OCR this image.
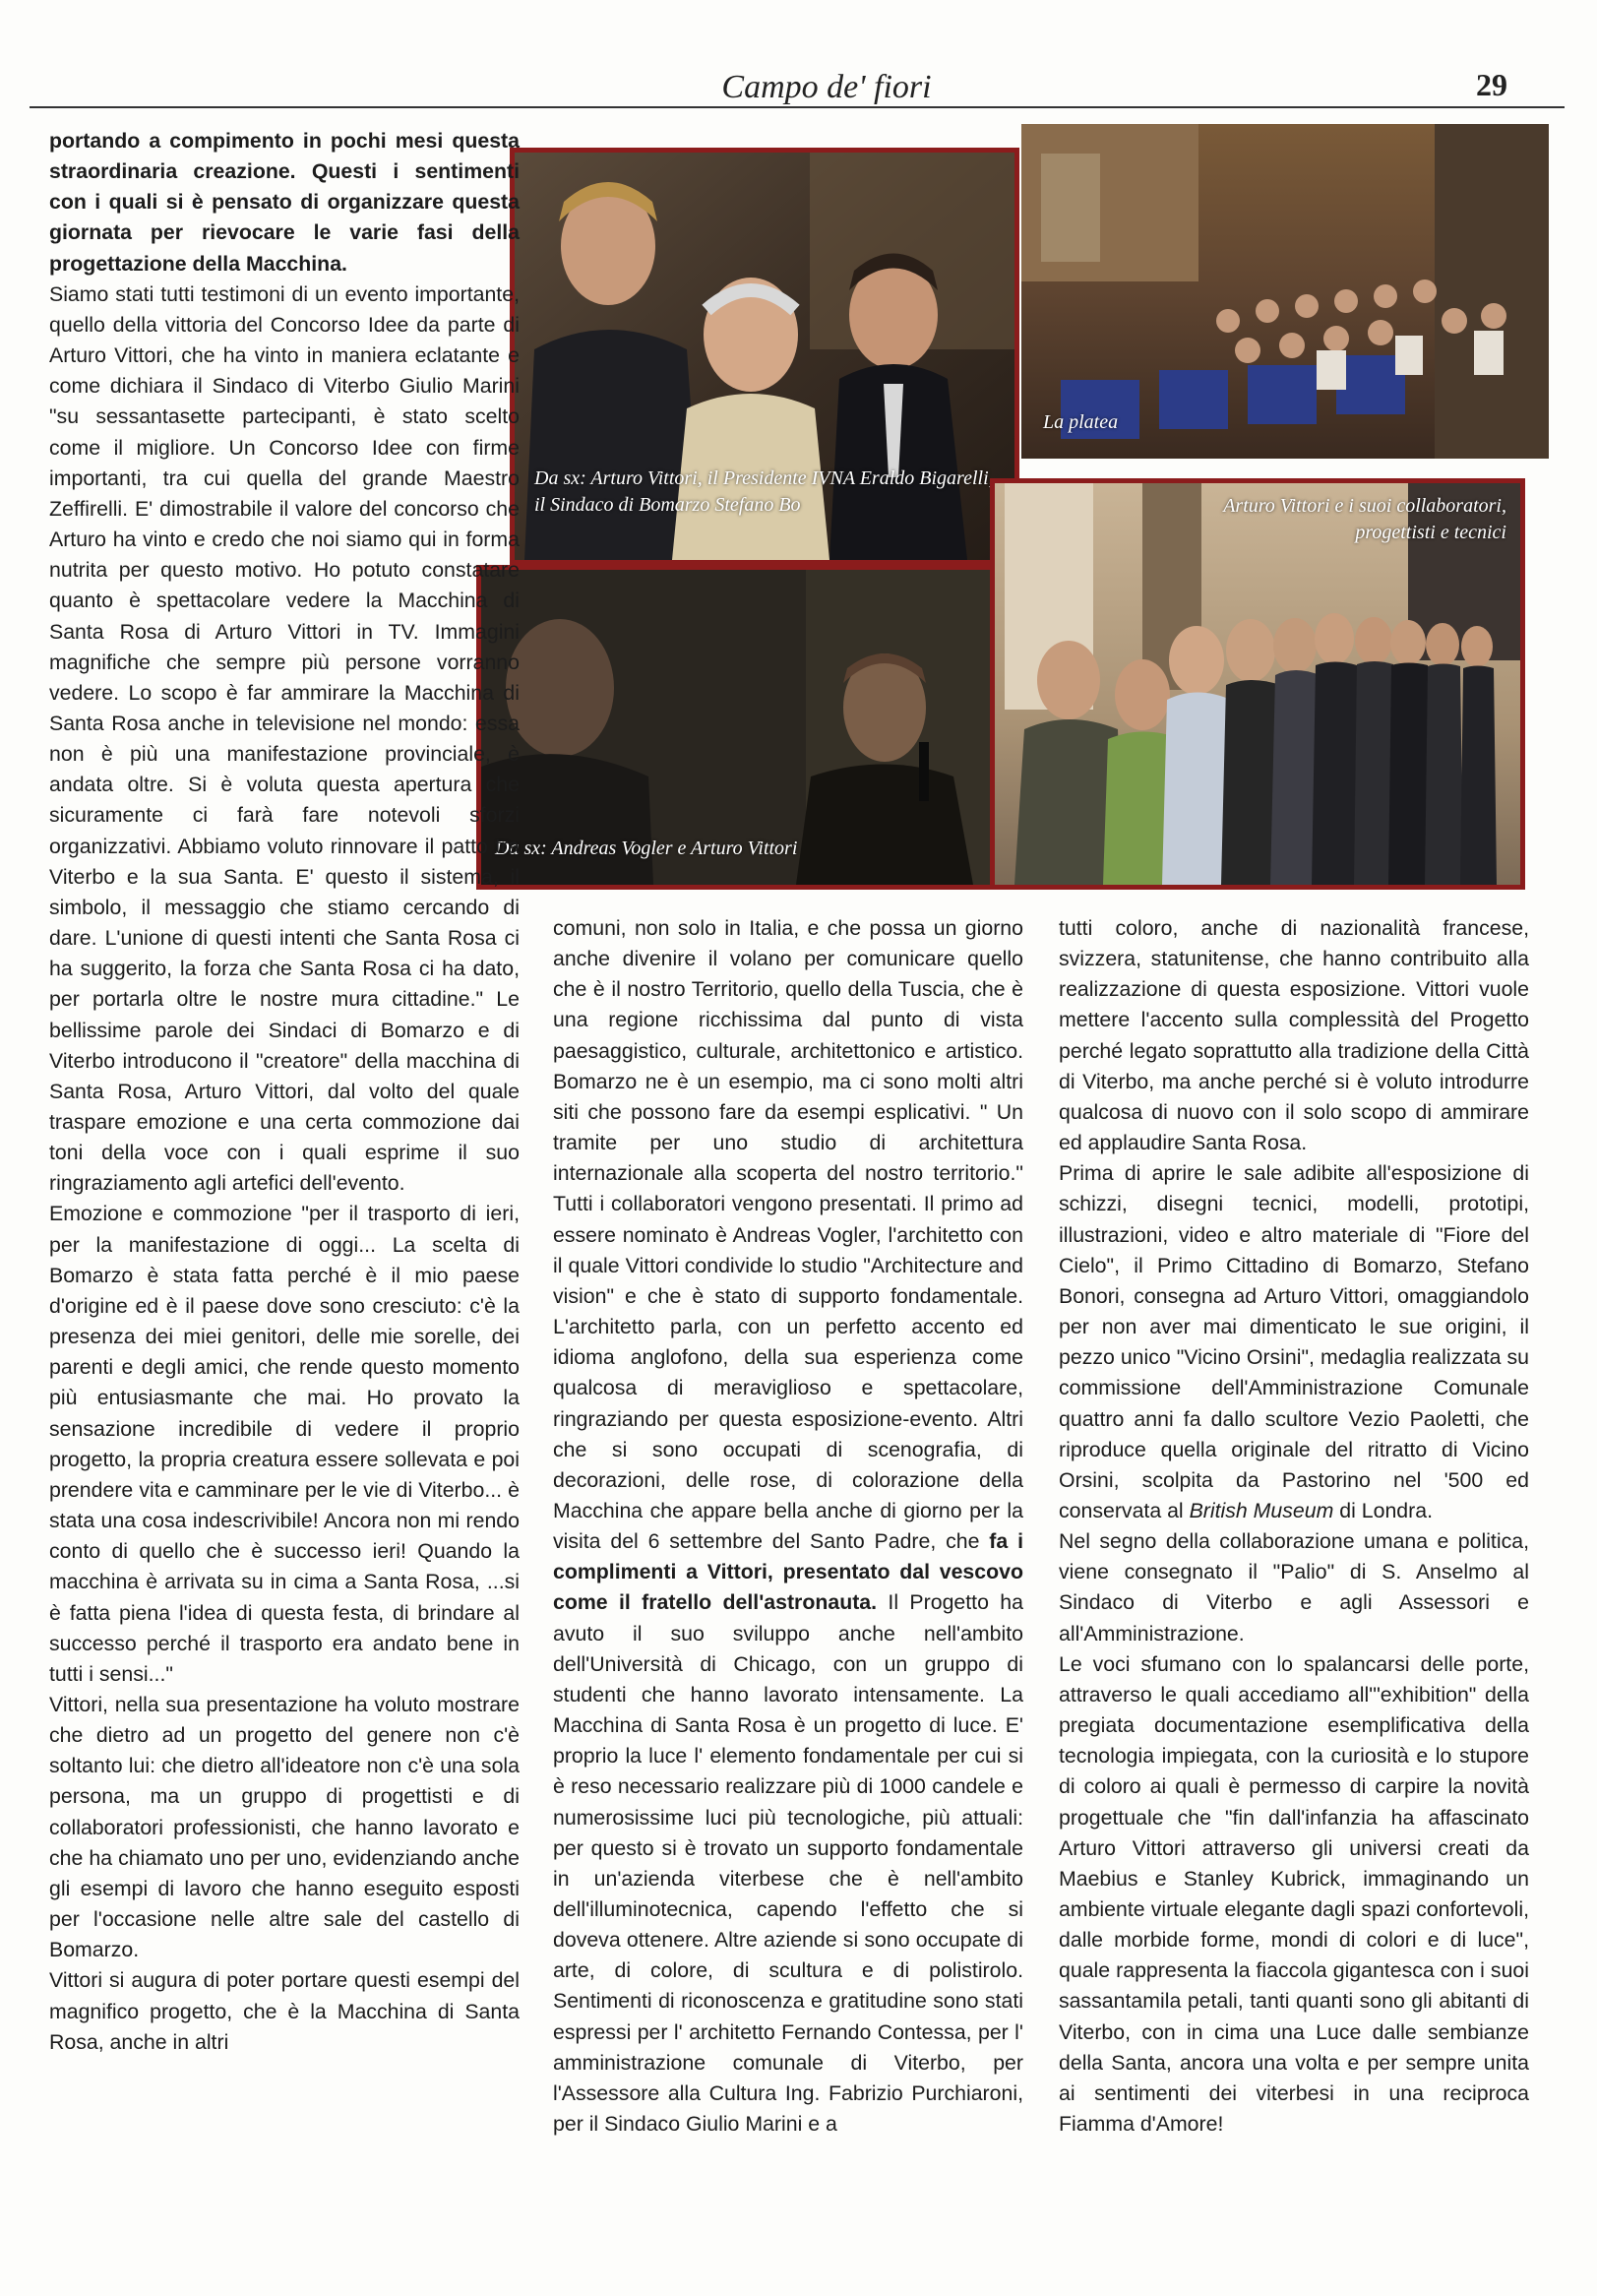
Campo de' fiori	29
Da sx: Arturo Vittori, il Presidente IVNA Eraldo Bigarelli, il Sindaco di Bomarzo Stefano Bo
La platea
Da sx: Andreas Vogler e Arturo Vittori
Arturo Vittori e i suoi collaboratori, progettisti e tecnici

portando a compimento in pochi mesi questa straordinaria creazione. Questi i sentimenti con i quali si è pensato di organizzare questa giornata per rievocare le varie fasi della progettazione della Macchina.

Siamo stati tutti testimoni di un evento importante, quello della vittoria del Concorso Idee da parte di Arturo Vittori, che ha vinto in maniera eclatante e come dichiara il Sindaco di Viterbo Giulio Marini "su sessantasette partecipanti, è stato scelto come il migliore. Un Concorso Idee con firme importanti, tra cui quella del grande Maestro Zeffirelli. E' dimostrabile il valore del concorso che Arturo ha vinto e credo che noi siamo qui in forma nutrita per questo motivo. Ho potuto constatare quanto è spettacolare vedere la Macchina di Santa Rosa di Arturo Vittori in TV. Immagini magnifiche che sempre più persone vorranno vedere. Lo scopo è far ammirare la Macchina di Santa Rosa anche in televisione nel mondo: essa non è più una manifestazione provinciale, è andata oltre. Si è voluta questa apertura che sicuramente ci farà fare notevoli sforzi organizzativi. Abbiamo voluto rinnovare il patto tra Viterbo e la sua Santa. E' questo il sistema, il simbolo, il messaggio che stiamo cercando di dare. L'unione di questi intenti che Santa Rosa ci ha suggerito, la forza che Santa Rosa ci ha dato, per portarla oltre le nostre mura cittadine." Le bellissime parole dei Sindaci di Bomarzo e di Viterbo introducono il "creatore" della macchina di Santa Rosa, Arturo Vittori, dal volto del quale traspare emozione e una certa commozione dai toni della voce con i quali esprime il suo ringraziamento agli artefici dell'evento.

Emozione e commozione "per il trasporto di ieri, per la manifestazione di oggi... La scelta di Bomarzo è stata fatta perché è il mio paese d'origine ed è il paese dove sono cresciuto: c'è la presenza dei miei genitori, delle mie sorelle, dei parenti e degli amici, che rende questo momento più entusiasmante che mai. Ho provato la sensazione incredibile di vedere il proprio progetto, la propria creatura essere sollevata e poi prendere vita e camminare per le vie di Viterbo... è stata una cosa indescrivibile! Ancora non mi rendo conto di quello che è successo ieri! Quando la macchina è arrivata su in cima a Santa Rosa, ...si è fatta piena l'idea di questa festa, di brindare al successo perché il trasporto era andato bene in tutti i sensi..."

Vittori, nella sua presentazione ha voluto mostrare che dietro ad un progetto del genere non c'è soltanto lui: che dietro all'ideatore non c'è una sola persona, ma un gruppo di progettisti e di collaboratori professionisti, che hanno lavorato e che ha chiamato uno per uno, evidenziando anche gli esempi di lavoro che hanno eseguito esposti per l'occasione nelle altre sale del castello di Bomarzo.

Vittori si augura di poter portare questi esempi del magnifico progetto, che è la Macchina di Santa Rosa, anche in altri

comuni, non solo in Italia, e che possa un giorno anche divenire il volano per comunicare quello che è il nostro Territorio, quello della Tuscia, che è una regione ricchissima dal punto di vista paesaggistico, culturale, architettonico e artistico. Bomarzo ne è un esempio, ma ci sono molti altri siti che possono fare da esempi esplicativi. " Un tramite per uno studio di architettura internazionale alla scoperta del nostro territorio." Tutti i collaboratori vengono presentati. Il primo ad essere nominato è Andreas Vogler, l'architetto con il quale Vittori condivide lo studio "Architecture and vision" e che è stato di supporto fondamentale. L'architetto parla, con un perfetto accento ed idioma anglofono, della sua esperienza come qualcosa di meraviglioso e spettacolare, ringraziando per questa esposizione-evento. Altri che si sono occupati di scenografia, di decorazioni, delle rose, di colorazione della Macchina che appare bella anche di giorno per la visita del 6 settembre del Santo Padre, che fa i complimenti a Vittori, presentato dal vescovo come il fratello dell'astronauta. Il Progetto ha avuto il suo sviluppo anche nell'ambito dell'Università di Chicago, con un gruppo di studenti che hanno lavorato intensamente. La Macchina di Santa Rosa è un progetto di luce. E' proprio la luce l' elemento fondamentale per cui si è reso necessario realizzare più di 1000 candele e numerosissime luci più tecnologiche, più attuali: per questo si è trovato un supporto fondamentale in un'azienda viterbese che è nell'ambito dell'illuminotecnica, capendo l'effetto che si doveva ottenere. Altre aziende si sono occupate di arte, di colore, di scultura e di polistirolo. Sentimenti di riconoscenza e gratitudine sono stati espressi per l' architetto Fernando Contessa, per l' amministrazione comunale di Viterbo, per l'Assessore alla Cultura Ing. Fabrizio Purchiaroni, per il Sindaco Giulio Marini e a

tutti coloro, anche di nazionalità francese, svizzera, statunitense, che hanno contribuito alla realizzazione di questa esposizione. Vittori vuole mettere l'accento sulla complessità del Progetto perché legato soprattutto alla tradizione della Città di Viterbo, ma anche perché si è voluto introdurre qualcosa di nuovo con il solo scopo di ammirare ed applaudire Santa Rosa.

Prima di aprire le sale adibite all'esposizione di schizzi, disegni tecnici, modelli, prototipi, illustrazioni, video e altro materiale di "Fiore del Cielo", il Primo Cittadino di Bomarzo, Stefano Bonori, consegna ad Arturo Vittori, omaggiandolo per non aver mai dimenticato le sue origini, il pezzo unico "Vicino Orsini", medaglia realizzata su commissione dell'Amministrazione Comunale quattro anni fa dallo scultore Vezio Paoletti, che riproduce quella originale del ritratto di Vicino Orsini, scolpita da Pastorino nel '500 ed conservata al British Museum di Londra.

Nel segno della collaborazione umana e politica, viene consegnato il "Palio" di S. Anselmo al Sindaco di Viterbo e agli Assessori e all'Amministrazione.

Le voci sfumano con lo spalancarsi delle porte, attraverso le quali accediamo all'"exhibition" della pregiata documentazione esemplificativa della tecnologia impiegata, con la curiosità e lo stupore di coloro ai quali è permesso di carpire la novità progettuale che "fin dall'infanzia ha affascinato Arturo Vittori attraverso gli universi creati da Maebius e Stanley Kubrick, immaginando un ambiente virtuale elegante dagli spazi confortevoli, dalle morbide forme, mondi di colori e di luce", quale rappresenta la fiaccola gigantesca con i suoi sassantamila petali, tanti quanti sono gli abitanti di Viterbo, con in cima una Luce dalle sembianze della Santa, ancora una volta e per sempre unita ai sentimenti dei viterbesi in una reciproca Fiamma d'Amore!
